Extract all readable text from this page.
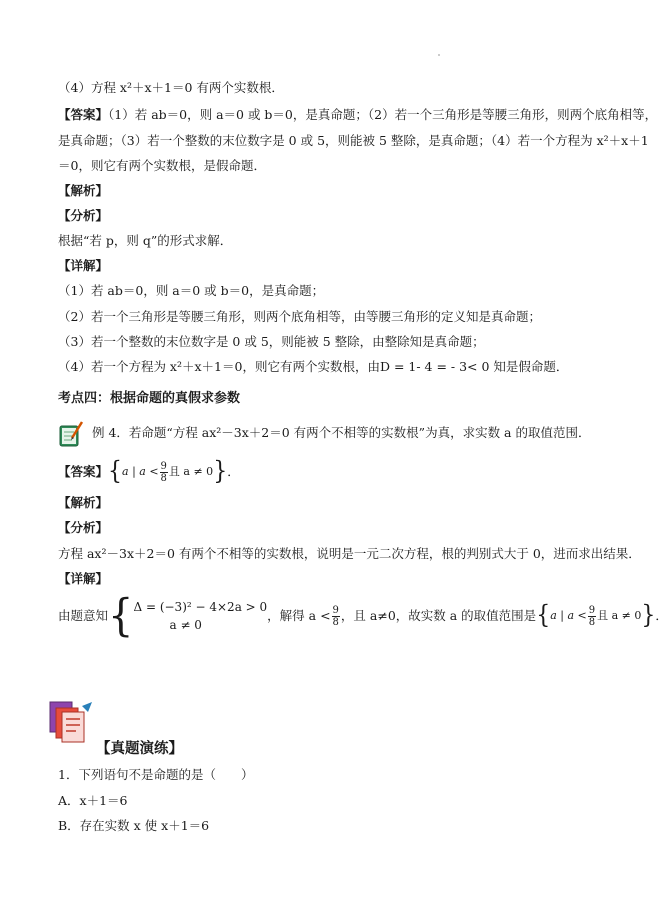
（4）方程 x²＋x＋1＝0 有两个实数根．
【答案】（1）若 ab＝0，则 a＝0 或 b＝0，是真命题；（2）若一个三角形是等腰三角形，则两个底角相等，
是真命题；（3）若一个整数的末位数字是 0 或 5，则能被 5 整除，是真命题；（4）若一个方程为 x²＋x＋1
＝0，则它有两个实数根，是假命题．
【解析】
【分析】
根据“若 p，则 q”的形式求解．
【详解】
（1）若 ab＝0，则 a＝0 或 b＝0，是真命题；
（2）若一个三角形是等腰三角形，则两个底角相等，由等腰三角形的定义知是真命题；
（3）若一个整数的末位数字是 0 或 5，则能被 5 整除，由整除知是真命题；
（4）若一个方程为 x²＋x＋1＝0，则它有两个实数根，由D = 1- 4 = - 3< 0 知是假命题．
考点四：根据命题的真假求参数
例 4．若命题“方程 ax²－3x＋2＝0 有两个不相等的实数根”为真，求实数 a 的取值范围．
【答案】 { a | $a < \frac{9}{8}$ 且 a ≠ 0 } ．
【解析】
【分析】
方程 ax²－3x＋2＝0 有两个不相等的实数根，说明是一元二次方程，根的判别式大于 0，进而求出结果．
【详解】
由题意知 { Δ = (−3)² − 4×2a > 0
a ≠ 0
，解得 $a < \frac{9}{8}$ ，且 a≠0，故实数 a 的取值范围是 { a | $a < \frac{9}{8}$ 且 a ≠ 0 } ．
【真题演练】
1．下列语句不是命题的是（　　）
A．x＋1＝6
B．存在实数 x 使 x＋1＝6
